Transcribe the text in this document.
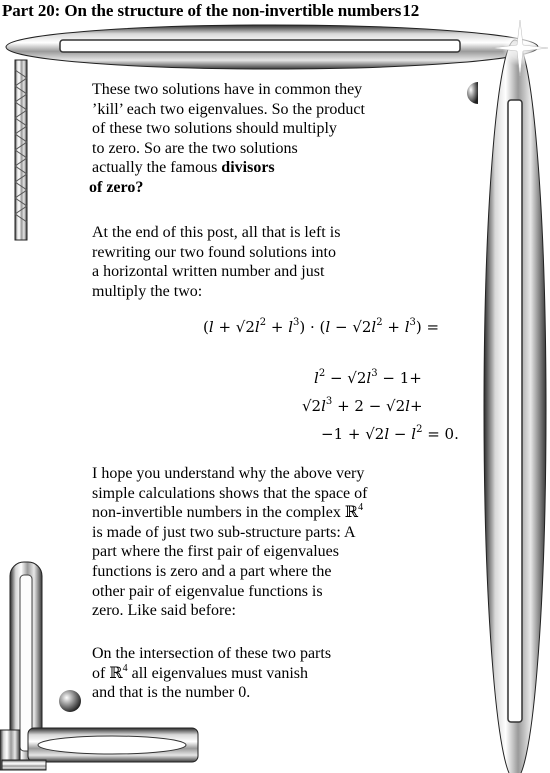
Part 20: On the structure of the non-invertible numbers12
These two solutions have in common they
’kill’ each two eigenvalues. So the product
of these two solutions should multiply
to zero. So are the two solutions
actually the famous divisors
of zero?
At the end of this post, all that is left is
rewriting our two found solutions into
a horizontal written number and just
multiply the two:
$(l + √2l^2 + l^3) \cdot (l - √2l^2 + l^3)$ =
$l^2 - √2l^3 - 1+$
$√2l^3 + 2 - √2l+$
$-1 + √2l - l^2 = 0$.
I hope you understand why the above very
simple calculations shows that the space of
non-invertible numbers in the complex ℝ$^4$
is made of just two sub-structure parts: A
part where the first pair of eigenvalues
functions is zero and a part where the
other pair of eigenvalue functions is
zero. Like said before:
On the intersection of these two parts
of ℝ$^4$ all eigenvalues must vanish
and that is the number 0.
